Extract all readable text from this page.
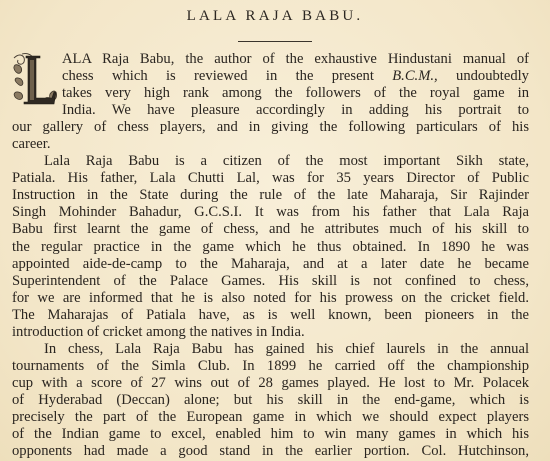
LALA RAJA BABU.
ALA Raja Babu, the author of the exhaustive Hindustani manual of
chess which is reviewed in the present B.C.M., undoubtedly
takes very high rank among the followers of the royal game in
India. We have pleasure accordingly in adding his portrait to
our gallery of chess players, and in giving the following particulars of his
career.
Lala Raja Babu is a citizen of the most important Sikh state,
Patiala. His father, Lala Chutti Lal, was for 35 years Director of Public
Instruction in the State during the rule of the late Maharaja, Sir Rajinder
Singh Mohinder Bahadur, G.C.S.I. It was from his father that Lala Raja
Babu first learnt the game of chess, and he attributes much of his skill to
the regular practice in the game which he thus obtained. In 1890 he was
appointed aide-de-camp to the Maharaja, and at a later date he became
Superintendent of the Palace Games. His skill is not confined to chess,
for we are informed that he is also noted for his prowess on the cricket field.
The Maharajas of Patiala have, as is well known, been pioneers in the
introduction of cricket among the natives in India.
In chess, Lala Raja Babu has gained his chief laurels in the annual
tournaments of the Simla Club. In 1899 he carried off the championship
cup with a score of 27 wins out of 28 games played. He lost to Mr. Polacek
of Hyderabad (Deccan) alone; but his skill in the end-game, which is
precisely the part of the European game in which we should expect players
of the Indian game to excel, enabled him to win many games in which his
opponents had made a good stand in the earlier portion. Col. Hutchinson,
